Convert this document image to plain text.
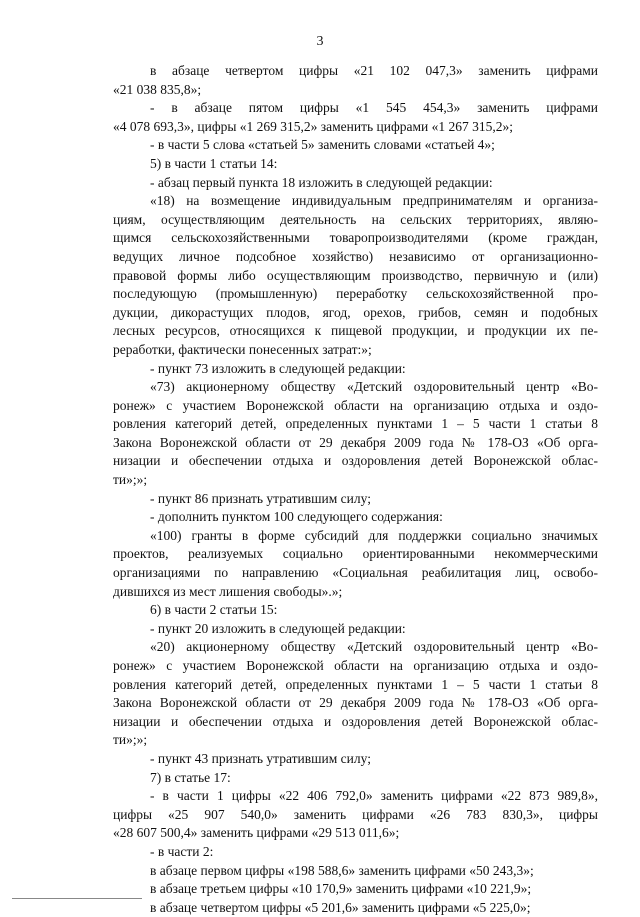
3
в абзаце четвертом цифры «21 102 047,3» заменить цифрами
«21 038 835,8»;
- в абзаце пятом цифры «1 545 454,3» заменить цифрами
«4 078 693,3», цифры «1 269 315,2» заменить цифрами «1 267 315,2»;
- в части 5 слова «статьей 5» заменить словами «статьей 4»;
5) в части 1 статьи 14:
- абзац первый пункта 18 изложить в следующей редакции:
«18) на возмещение индивидуальным предпринимателям и организа-
циям, осуществляющим деятельность на сельских территориях, являю-
щимся сельскохозяйственными товаропроизводителями (кроме граждан,
ведущих личное подсобное хозяйство) независимо от организационно-
правовой формы либо осуществляющим производство, первичную и (или)
последующую (промышленную) переработку сельскохозяйственной про-
дукции, дикорастущих плодов, ягод, орехов, грибов, семян и подобных
лесных ресурсов, относящихся к пищевой продукции, и продукции их пе-
реработки, фактически понесенных затрат:»;
- пункт 73 изложить в следующей редакции:
«73) акционерному обществу «Детский оздоровительный центр «Во-
ронеж» с участием Воронежской области на организацию отдыха и оздо-
ровления категорий детей, определенных пунктами 1 – 5 части 1 статьи 8
Закона Воронежской области от 29 декабря 2009 года № 178-ОЗ «Об орга-
низации и обеспечении отдыха и оздоровления детей Воронежской облас-
ти»;»;
- пункт 86 признать утратившим силу;
- дополнить пунктом 100 следующего содержания:
«100) гранты в форме субсидий для поддержки социально значимых
проектов, реализуемых социально ориентированными некоммерческими
организациями по направлению «Социальная реабилитация лиц, освобо-
дившихся из мест лишения свободы».»;
6) в части 2 статьи 15:
- пункт 20 изложить в следующей редакции:
«20) акционерному обществу «Детский оздоровительный центр «Во-
ронеж» с участием Воронежской области на организацию отдыха и оздо-
ровления категорий детей, определенных пунктами 1 – 5 части 1 статьи 8
Закона Воронежской области от 29 декабря 2009 года № 178-ОЗ «Об орга-
низации и обеспечении отдыха и оздоровления детей Воронежской облас-
ти»;»;
- пункт 43 признать утратившим силу;
7) в статье 17:
- в части 1 цифры «22 406 792,0» заменить цифрами «22 873 989,8»,
цифры «25 907 540,0» заменить цифрами «26 783 830,3», цифры
«28 607 500,4» заменить цифрами «29 513 011,6»;
- в части 2:
в абзаце первом цифры «198 588,6» заменить цифрами «50 243,3»;
в абзаце третьем цифры «10 170,9» заменить цифрами «10 221,9»;
в абзаце четвертом цифры «5 201,6» заменить цифрами «5 225,0»;
